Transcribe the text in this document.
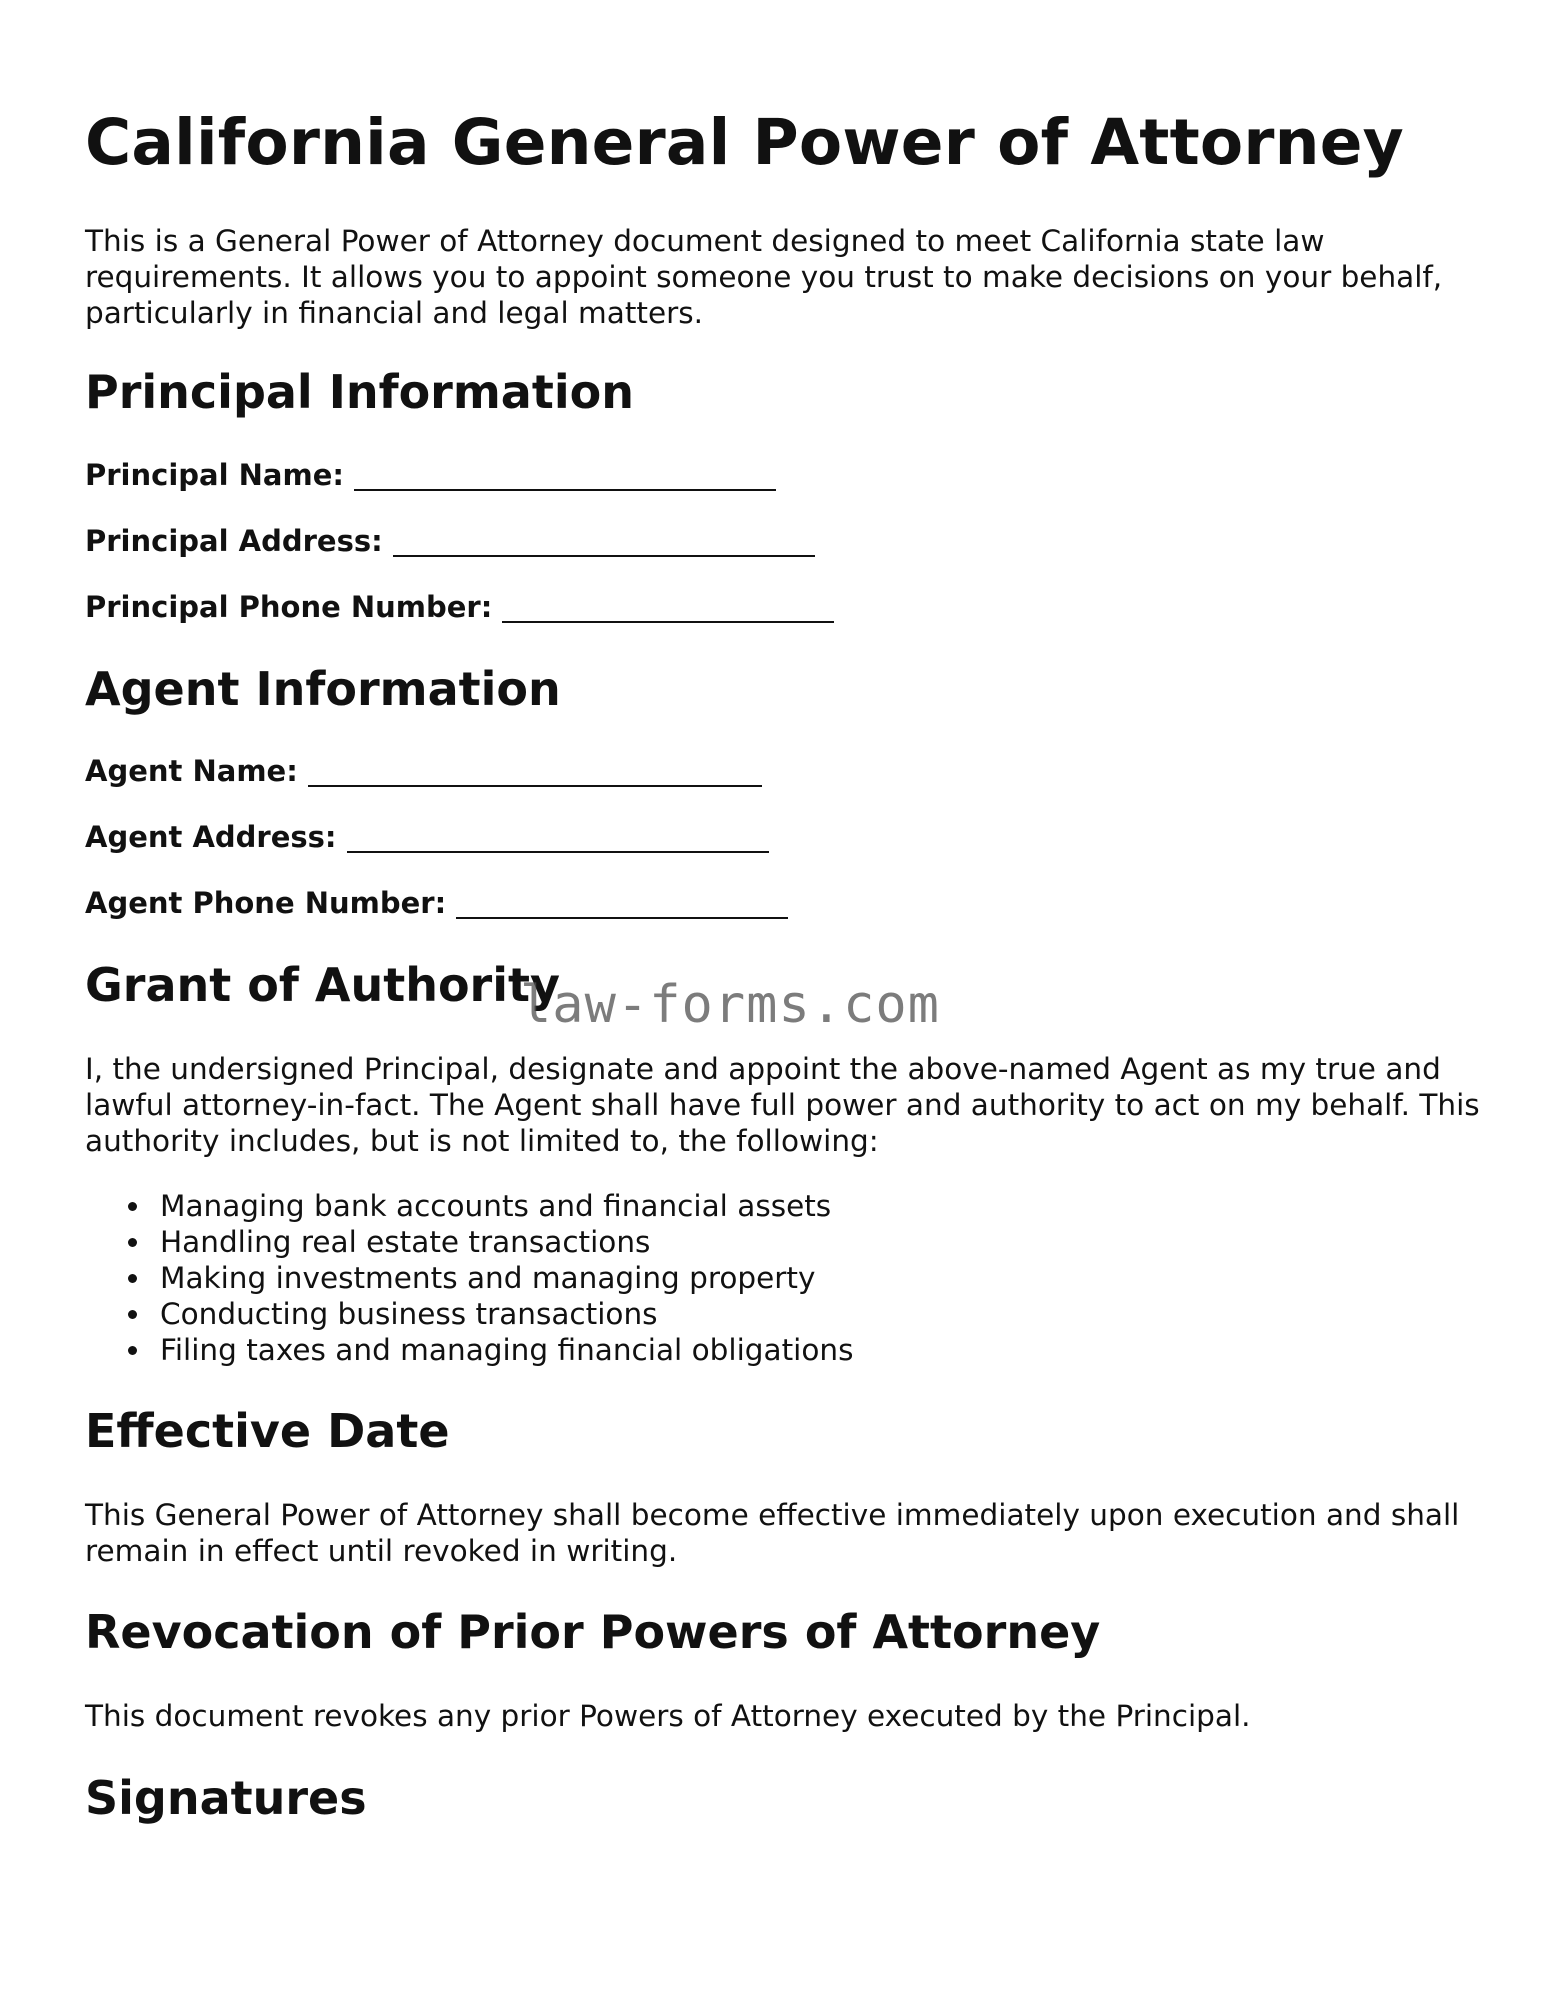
California General Power of Attorney

This is a General Power of Attorney document designed to meet California state law requirements. It allows you to appoint someone you trust to make decisions on your behalf, particularly in financial and legal matters.

Principal Information
Principal Name:
Principal Address:
Principal Phone Number:
Agent Information
Agent Name:
Agent Address:
Agent Phone Number:
Grant of Authority

I, the undersigned Principal, designate and appoint the above-named Agent as my true and lawful attorney-in-fact. The Agent shall have full power and authority to act on my behalf. This authority includes, but is not limited to, the following:

Managing bank accounts and financial assets
Handling real estate transactions
Making investments and managing property
Conducting business transactions
Filing taxes and managing financial obligations
Effective Date

This General Power of Attorney shall become effective immediately upon execution and shall remain in effect until revoked in writing.

Revocation of Prior Powers of Attorney

This document revokes any prior Powers of Attorney executed by the Principal.

Signatures
law-forms.com
